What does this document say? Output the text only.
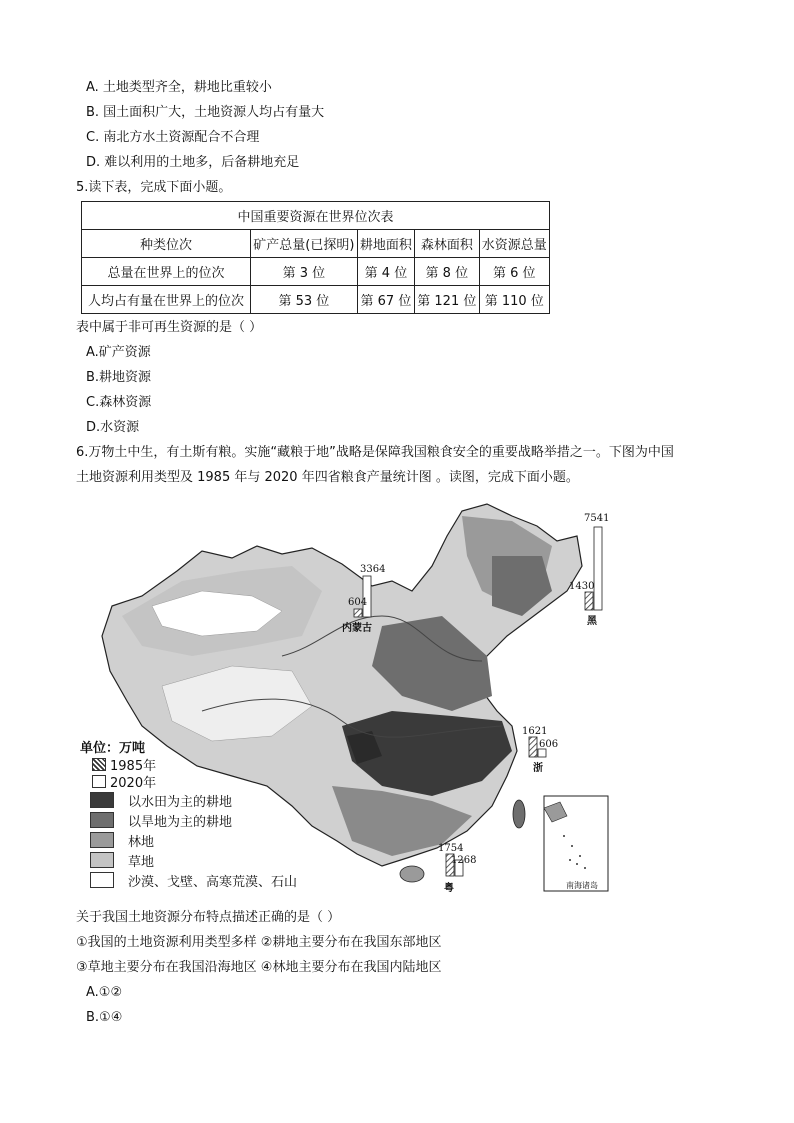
A. 土地类型齐全，耕地比重较小
B. 国土面积广大，土地资源人均占有量大
C. 南北方水土资源配合不合理
D. 难以利用的土地多，后备耕地充足
5.读下表，完成下面小题。
中国重要资源在世界位次表				
种类位次	矿产总量(已探明)	耕地面积	森林面积	水资源总量
总量在世界上的位次	第 3 位	第 4 位	第 8 位	第 6 位
人均占有量在世界上的位次	第 53 位	第 67 位	第 121 位	第 110 位
表中属于非可再生资源的是（ ）
A.矿产资源
B.耕地资源
C.森林资源
D.水资源
6.万物土中生，有土斯有粮。实施“藏粮于地”战略是保障我国粮食安全的重要战略举措之一。下图为中国
土地资源利用类型及 1985 年与 2020 年四省粮食产量统计图 。读图，完成下面小题。
3364
604
内蒙古
7541
1430
黑
1621
606
浙
1754
1268
粤	南海诸岛
单位：万吨
1985年
2020年
以水田为主的耕地
以旱地为主的耕地
林地
草地
沙漠、戈壁、高寒荒漠、石山
关于我国土地资源分布特点描述正确的是（ ）
①我国的土地资源利用类型多样 ②耕地主要分布在我国东部地区
③草地主要分布在我国沿海地区 ④林地主要分布在我国内陆地区
A.①②
B.①④
